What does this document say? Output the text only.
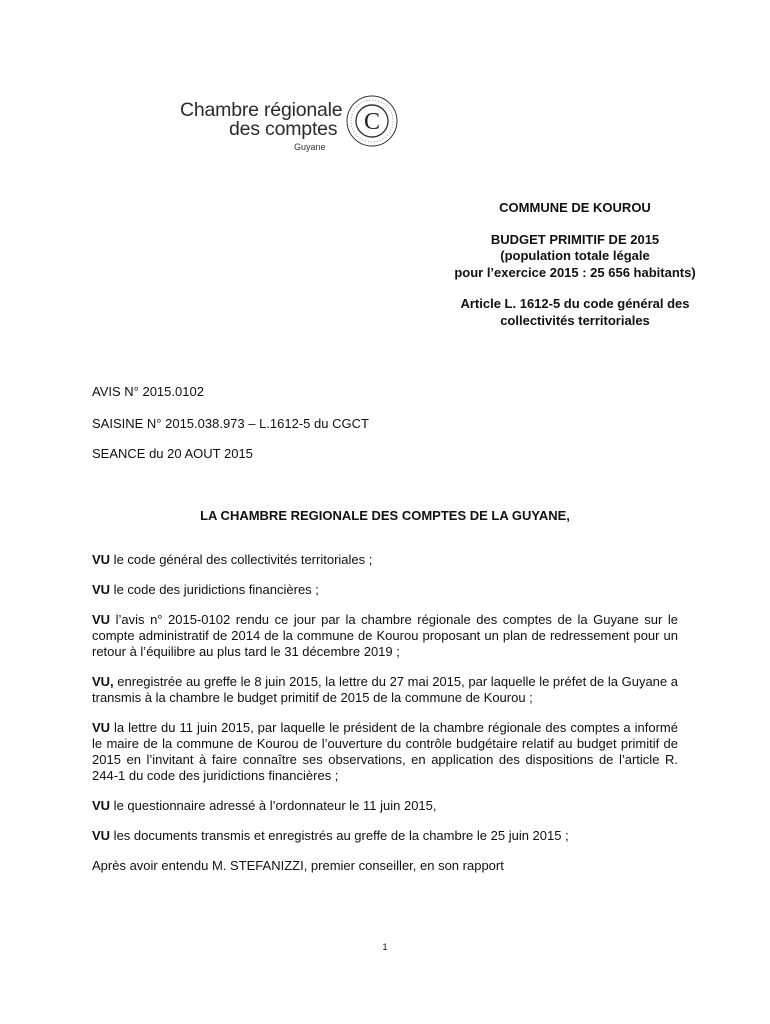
Chambre régionale
des comptes
Guyane
C
COMMUNE DE KOUROU
BUDGET PRIMITIF DE 2015
(population totale légale
pour l’exercice 2015 : 25 656 habitants)
Article L. 1612-5 du code général des
collectivités territoriales
AVIS N° 2015.0102
SAISINE N° 2015.038.973 – L.1612-5 du CGCT
SEANCE du 20 AOUT 2015
LA CHAMBRE REGIONALE DES COMPTES DE LA GUYANE,

VU le code général des collectivités territoriales ;

VU le code des juridictions financières ;

VU l’avis n° 2015-0102 rendu ce jour par la chambre régionale des comptes de la Guyane sur le compte administratif de 2014 de la commune de Kourou proposant un plan de redressement pour un retour à l’équilibre au plus tard le 31 décembre 2019 ;

VU, enregistrée au greffe le 8 juin 2015, la lettre du 27 mai 2015, par laquelle le préfet de la Guyane a transmis à la chambre le budget primitif de 2015 de la commune de Kourou ;

VU la lettre du 11 juin 2015, par laquelle le président de la chambre régionale des comptes a informé le maire de la commune de Kourou de l’ouverture du contrôle budgétaire relatif au budget primitif de 2015 en l’invitant à faire connaître ses observations, en application des dispositions de l’article R. 244-1 du code des juridictions financières ;

VU le questionnaire adressé à l’ordonnateur le 11 juin 2015,

VU les documents transmis et enregistrés au greffe de la chambre le 25 juin 2015 ;

Après avoir entendu M. STEFANIZZI, premier conseiller, en son rapport

1
